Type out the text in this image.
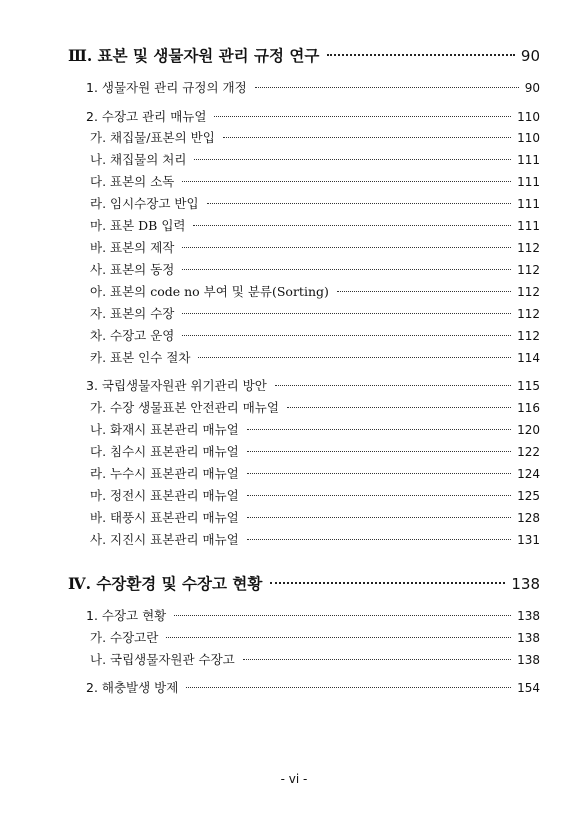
Ⅲ. 표본 및 생물자원 관리 규정 연구	90
1. 생물자원 관리 규정의 개정	90
2. 수장고 관리 매뉴얼	110
가. 채집물/표본의 반입	110
나. 채집물의 처리	111
다. 표본의 소독	111
라. 임시수장고 반입	111
마. 표본 DB 입력	111
바. 표본의 제작	112
사. 표본의 동정	112
아. 표본의 code no 부여 및 분류(Sorting)	112
자. 표본의 수장	112
차. 수장고 운영	112
카. 표본 인수 절차	114
3. 국립생물자원관 위기관리 방안	115
가. 수장 생물표본 안전관리 매뉴얼	116
나. 화재시 표본관리 매뉴얼	120
다. 침수시 표본관리 매뉴얼	122
라. 누수시 표본관리 매뉴얼	124
마. 정전시 표본관리 매뉴얼	125
바. 태풍시 표본관리 매뉴얼	128
사. 지진시 표본관리 매뉴얼	131
Ⅳ. 수장환경 및 수장고 현황	138
1. 수장고 현황	138
가. 수장고란	138
나. 국립생물자원관 수장고	138
2. 해충발생 방제	154
- vi -
